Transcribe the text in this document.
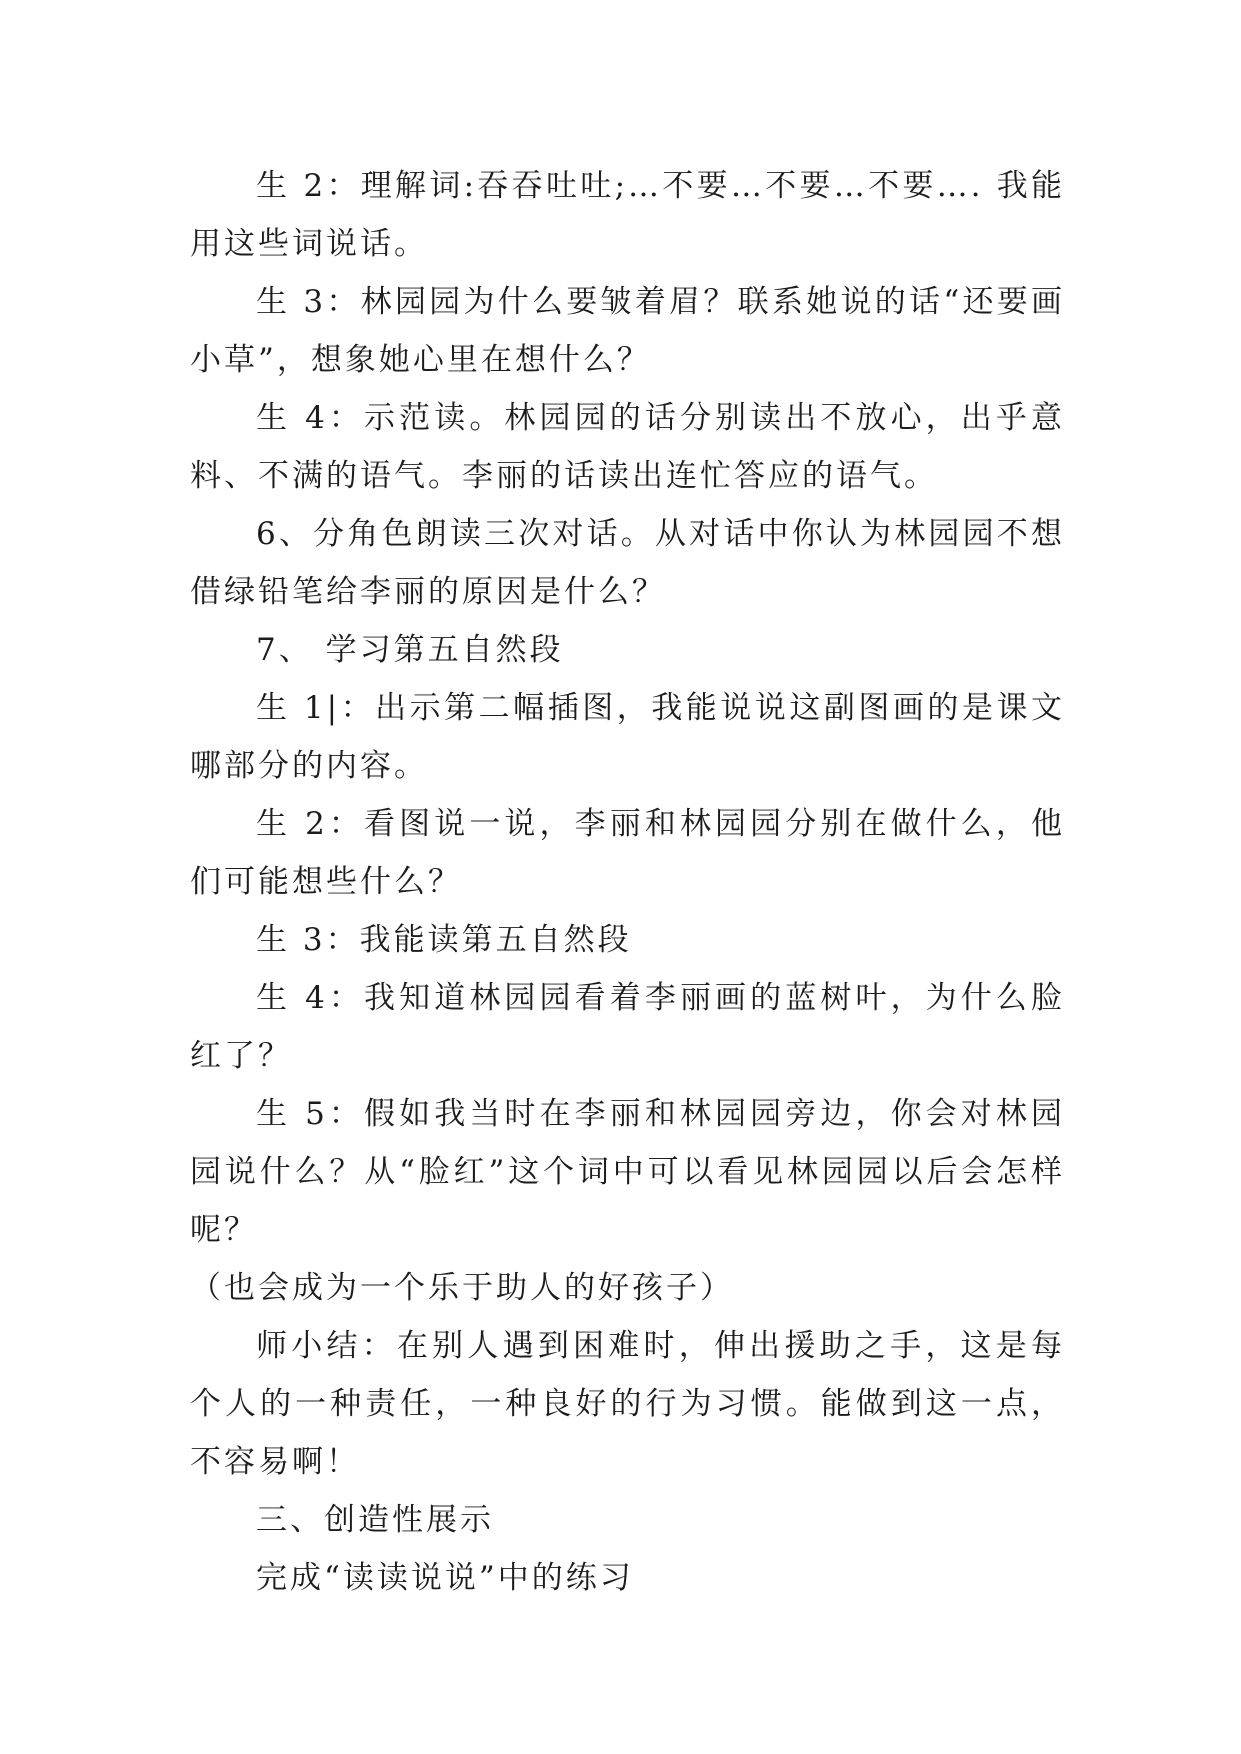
生 2：理解词:吞吞吐吐;…不要…不要…不要…. 我能用这些词说话。

生 3：林园园为什么要皱着眉？联系她说的话“还要画小草”，想象她心里在想什么？

生 4：示范读。林园园的话分别读出不放心，出乎意料、不满的语气。李丽的话读出连忙答应的语气。

6、分角色朗读三次对话。从对话中你认为林园园不想借绿铅笔给李丽的原因是什么？

7、 学习第五自然段

生 1|：出示第二幅插图，我能说说这副图画的是课文哪部分的内容。

生 2：看图说一说，李丽和林园园分别在做什么，他们可能想些什么？

生 3：我能读第五自然段

生 4：我知道林园园看着李丽画的蓝树叶，为什么脸红了？

生 5：假如我当时在李丽和林园园旁边，你会对林园园说什么？从“脸红”这个词中可以看见林园园以后会怎样呢？

（也会成为一个乐于助人的好孩子）

师小结：在别人遇到困难时，伸出援助之手，这是每个人的一种责任，一种良好的行为习惯。能做到这一点，不容易啊！

三、创造性展示

完成“读读说说”中的练习
